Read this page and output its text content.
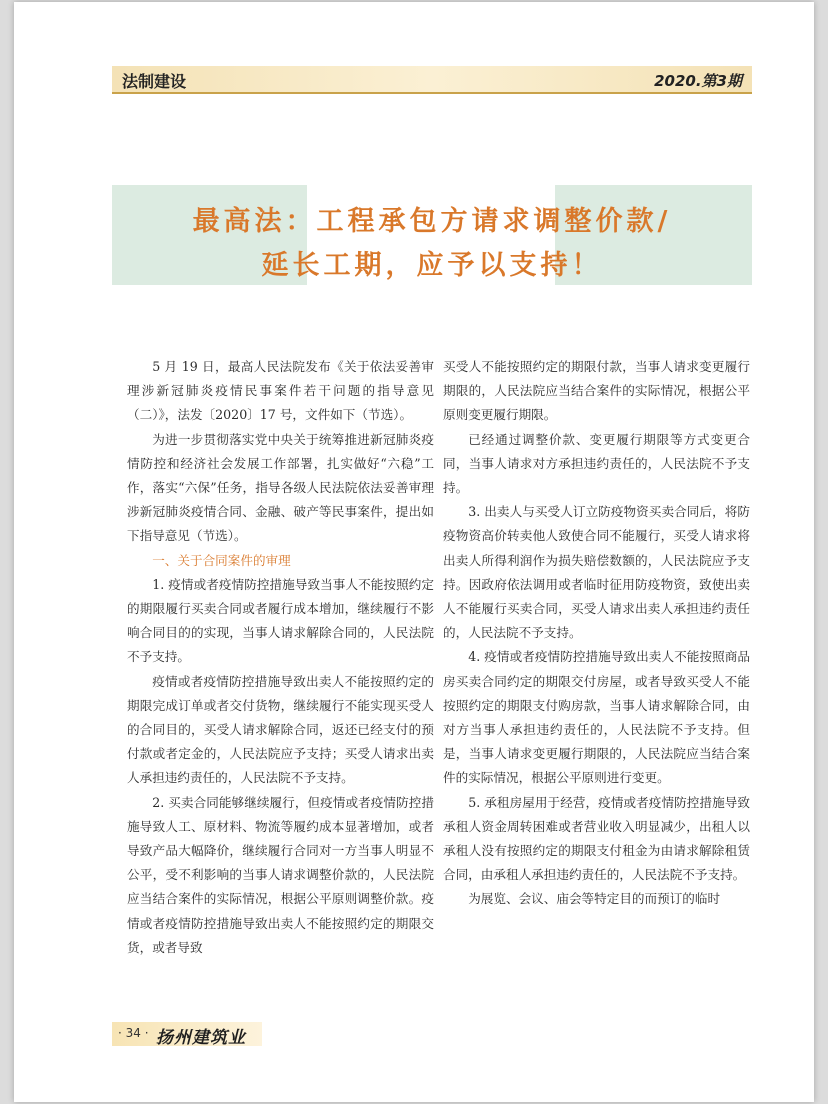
法制建设	2020.第3期
最高法：工程承包方请求调整价款/
延长工期，应予以支持！

5 月 19 日，最高人民法院发布《关于依法妥善审理涉新冠肺炎疫情民事案件若干问题的指导意见（二）》，法发〔2020〕17 号，文件如下（节选）。

为进一步贯彻落实党中央关于统筹推进新冠肺炎疫情防控和经济社会发展工作部署，扎实做好“六稳”工作，落实“六保”任务，指导各级人民法院依法妥善审理涉新冠肺炎疫情合同、金融、破产等民事案件，提出如下指导意见（节选）。

一、关于合同案件的审理

1. 疫情或者疫情防控措施导致当事人不能按照约定的期限履行买卖合同或者履行成本增加，继续履行不影响合同目的的实现，当事人请求解除合同的，人民法院不予支持。

疫情或者疫情防控措施导致出卖人不能按照约定的期限完成订单或者交付货物，继续履行不能实现买受人的合同目的，买受人请求解除合同，返还已经支付的预付款或者定金的，人民法院应予支持；买受人请求出卖人承担违约责任的，人民法院不予支持。

2. 买卖合同能够继续履行，但疫情或者疫情防控措施导致人工、原材料、物流等履约成本显著增加，或者导致产品大幅降价，继续履行合同对一方当事人明显不公平，受不利影响的当事人请求调整价款的，人民法院应当结合案件的实际情况，根据公平原则调整价款。疫情或者疫情防控措施导致出卖人不能按照约定的期限交货，或者导致

买受人不能按照约定的期限付款，当事人请求变更履行期限的，人民法院应当结合案件的实际情况，根据公平原则变更履行期限。

已经通过调整价款、变更履行期限等方式变更合同，当事人请求对方承担违约责任的，人民法院不予支持。

3. 出卖人与买受人订立防疫物资买卖合同后，将防疫物资高价转卖他人致使合同不能履行，买受人请求将出卖人所得利润作为损失赔偿数额的，人民法院应予支持。因政府依法调用或者临时征用防疫物资，致使出卖人不能履行买卖合同，买受人请求出卖人承担违约责任的，人民法院不予支持。

4. 疫情或者疫情防控措施导致出卖人不能按照商品房买卖合同约定的期限交付房屋，或者导致买受人不能按照约定的期限支付购房款，当事人请求解除合同，由对方当事人承担违约责任的，人民法院不予支持。但是，当事人请求变更履行期限的，人民法院应当结合案件的实际情况，根据公平原则进行变更。

5. 承租房屋用于经营，疫情或者疫情防控措施导致承租人资金周转困难或者营业收入明显减少，出租人以承租人没有按照约定的期限支付租金为由请求解除租赁合同，由承租人承担违约责任的，人民法院不予支持。

为展览、会议、庙会等特定目的而预订的临时

· 34 · 扬州建筑业
